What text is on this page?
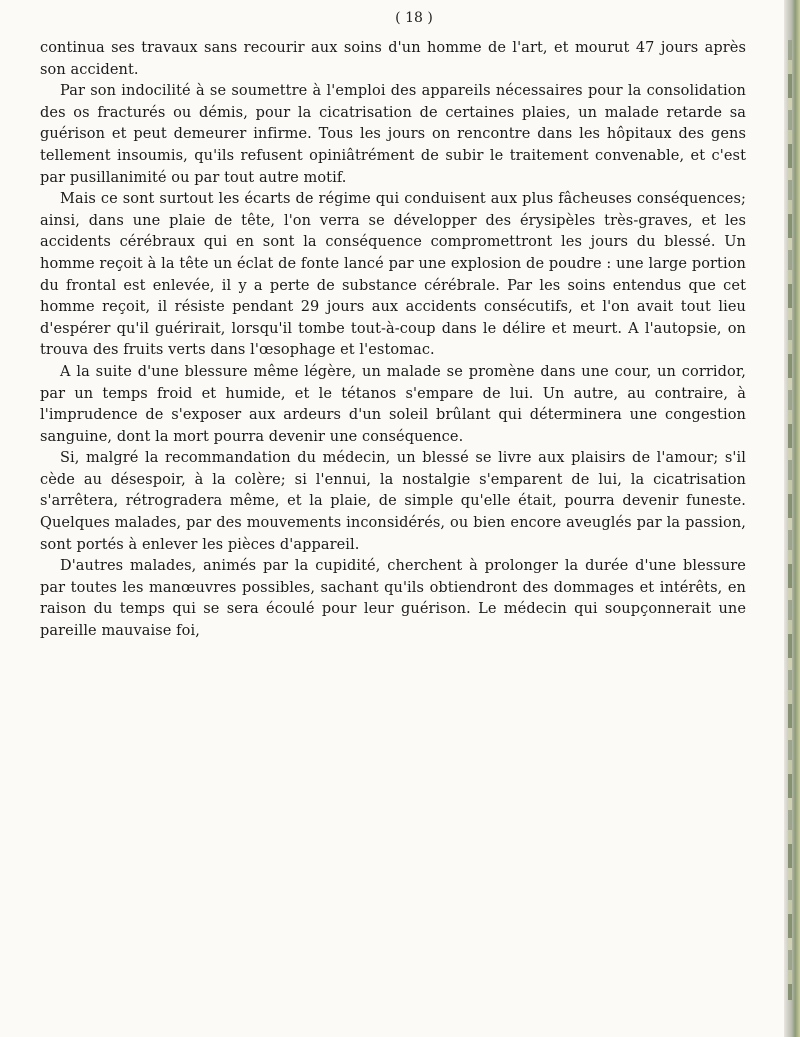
( 18 )

continua ses travaux sans recourir aux soins d'un homme de l'art, et mourut 47 jours après son accident.

Par son indocilité à se soumettre à l'emploi des appareils nécessaires pour la consolidation des os fracturés ou démis, pour la cicatrisation de certaines plaies, un malade retarde sa guérison et peut demeurer infirme. Tous les jours on rencontre dans les hôpitaux des gens tellement insoumis, qu'ils refusent opiniâtrément de subir le traitement convenable, et c'est par pusillanimité ou par tout autre motif.

Mais ce sont surtout les écarts de régime qui conduisent aux plus fâcheuses conséquences; ainsi, dans une plaie de tête, l'on verra se développer des érysipèles très-graves, et les accidents cérébraux qui en sont la conséquence compromettront les jours du blessé. Un homme reçoit à la tête un éclat de fonte lancé par une explosion de poudre : une large portion du frontal est enlevée, il y a perte de substance cérébrale. Par les soins entendus que cet homme reçoit, il résiste pendant 29 jours aux accidents consécutifs, et l'on avait tout lieu d'espérer qu'il guérirait, lorsqu'il tombe tout-à-coup dans le délire et meurt. A l'autopsie, on trouva des fruits verts dans l'œsophage et l'estomac.

A la suite d'une blessure même légère, un malade se promène dans une cour, un corridor, par un temps froid et humide, et le tétanos s'empare de lui. Un autre, au contraire, à l'imprudence de s'exposer aux ardeurs d'un soleil brûlant qui déterminera une congestion sanguine, dont la mort pourra devenir une conséquence.

Si, malgré la recommandation du médecin, un blessé se livre aux plaisirs de l'amour; s'il cède au désespoir, à la colère; si l'ennui, la nostalgie s'emparent de lui, la cicatrisation s'arrêtera, rétrogradera même, et la plaie, de simple qu'elle était, pourra devenir funeste. Quelques malades, par des mouvements inconsidérés, ou bien encore aveuglés par la passion, sont portés à enlever les pièces d'appareil.

D'autres malades, animés par la cupidité, cherchent à prolonger la durée d'une blessure par toutes les manœuvres possibles, sachant qu'ils obtiendront des dommages et intérêts, en raison du temps qui se sera écoulé pour leur guérison. Le médecin qui soupçonnerait une pareille mauvaise foi,
